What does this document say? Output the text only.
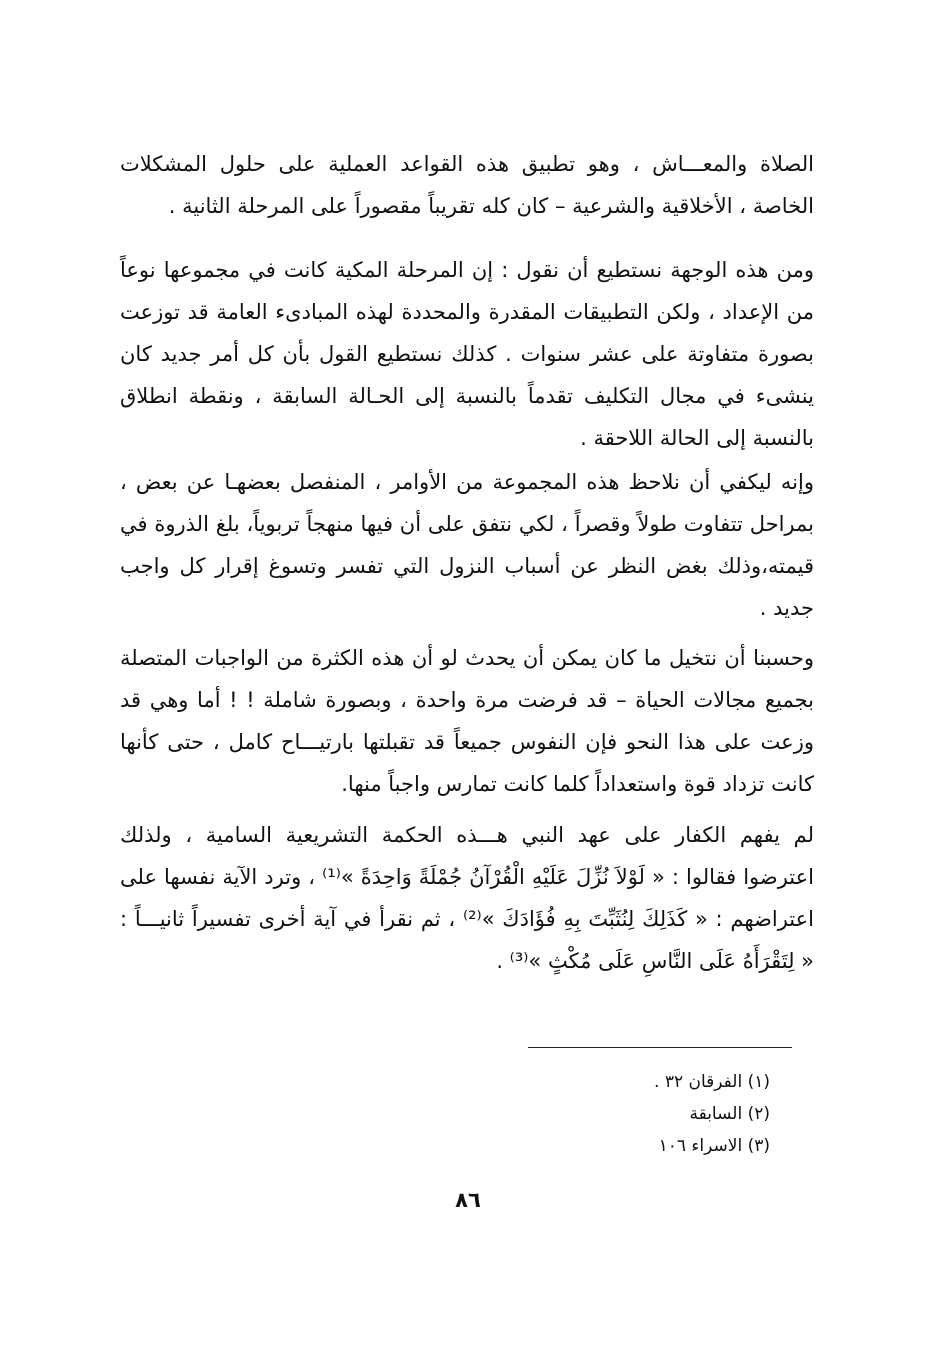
الصلاة والمعـــاش ، وهو تطبيق هذه القواعد العملية على حلول المشكلات الخاصة ، الأخلاقية والشرعية – كان كله تقريباً مقصوراً على المرحلة الثانية .

ومن هذه الوجهة نستطيع أن نقول : إن المرحلة المكية كانت في مجموعها نوعاً من الإعداد ، ولكن التطبيقات المقدرة والمحددة لهذه المبادىء العامة قد توزعت بصورة متفاوتة على عشر سنوات . كذلك نستطيع القول بأن كل أمر جديد كان ينشىء في مجال التكليف تقدماً بالنسبة إلى الحـالة السابقة ، ونقطة انطلاق بالنسبة إلى الحالة اللاحقة .

وإنه ليكفي أن نلاحظ هذه المجموعة من الأوامر ، المنفصل بعضهـا عن بعض ، بمراحل تتفاوت طولاً وقصراً ، لكي نتفق على أن فيها منهجاً تربوياً، بلغ الذروة في قيمته،وذلك بغض النظر عن أسباب النزول التي تفسر وتسوغ إقرار كل واجب جديد .

وحسبنا أن نتخيل ما كان يمكن أن يحدث لو أن هذه الكثرة من الواجبات المتصلة بجميع مجالات الحياة – قد فرضت مرة واحدة ، وبصورة شاملة ! ! أما وهي قد وزعت على هذا النحو فإن النفوس جميعاً قد تقبلتها بارتيـــاح كامل ، حتى كأنها كانت تزداد قوة واستعداداً كلما كانت تمارس واجباً منها.

لم يفهم الكفار على عهد النبي هـــذه الحكمة التشريعية السامية ، ولذلك اعترضوا فقالوا : « لَوْلاَ نُزِّلَ عَلَيْهِ الْقُرْآنُ جُمْلَةً وَاحِدَةً »⁽¹⁾ ، وترد الآية نفسها على اعتراضهم : « كَذَلِكَ لِنُثَبِّتَ بِهِ فُؤَادَكَ »⁽²⁾ ، ثم نقرأ في آية أخرى تفسيراً ثانيـــاً : « لِتَقْرَأَهُ عَلَى النَّاسِ عَلَى مُكْثٍ »⁽³⁾ .

(١) الفرقان ٣٢ .

(٢) السابقة

(٣) الاسراء ١٠٦

٨٦
